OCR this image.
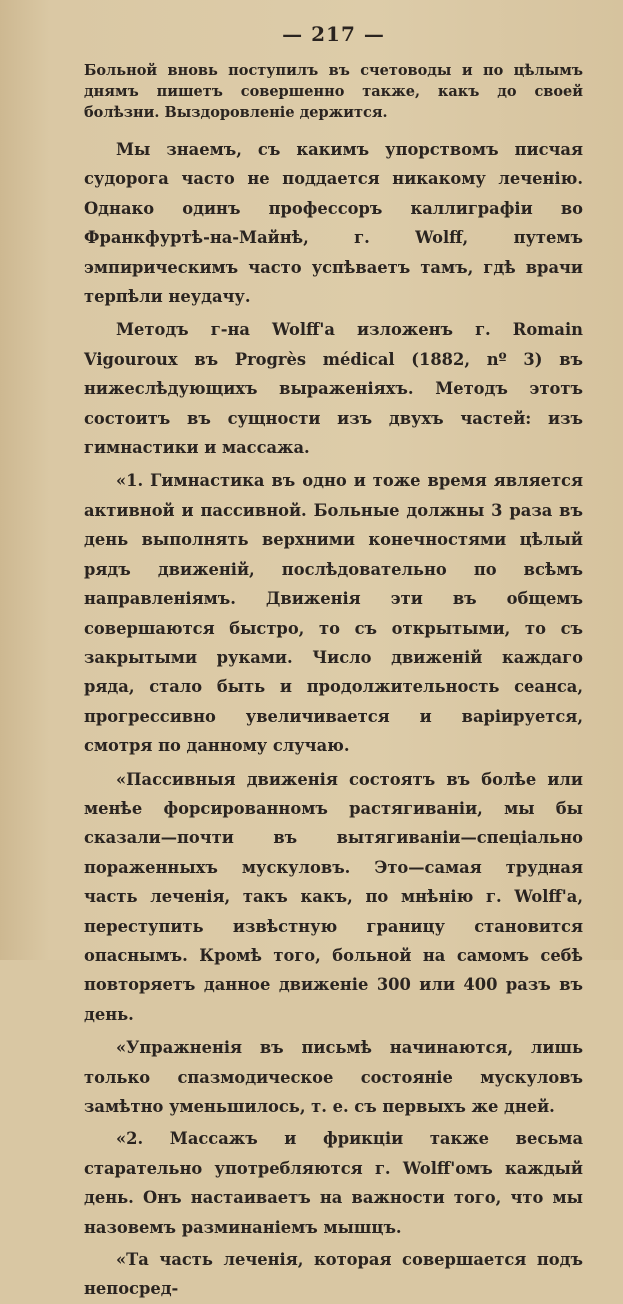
— 217 —

Больной вновь поступилъ въ счетоводы и по цѣлымъ днямъ пишетъ совершенно также, какъ до своей болѣзни. Выздоровленіе держится.

Мы знаемъ, съ какимъ упорствомъ писчая судорога часто не поддается никакому леченію. Однако одинъ профессоръ каллиграфіи во Франкфуртѣ-на-Майнѣ, г. Wolff, путемъ эмпирическимъ часто успѣваетъ тамъ, гдѣ врачи терпѣли неудачу.

Методъ г-на Wolff'а изложенъ г. Romain Vigouroux въ Progrès médical (1882, nº 3) въ нижеслѣдующихъ выраженіяхъ. Методъ этотъ состоитъ въ сущности изъ двухъ частей: изъ гимнастики и массажа.

«1. Гимнастика въ одно и тоже время является активной и пассивной. Больные должны 3 раза въ день выполнять верхними конечностями цѣлый рядъ движеній, послѣдовательно по всѣмъ направленіямъ. Движенія эти въ общемъ совершаются быстро, то съ открытыми, то съ закрытыми руками. Число движеній каждаго ряда, стало быть и продолжительность сеанса, прогрессивно увеличивается и варіируется, смотря по данному случаю.

«Пассивныя движенія состоятъ въ болѣе или менѣе форсированномъ растягиваніи, мы бы сказали—почти въ вытягиваніи—спеціально пораженныхъ мускуловъ. Это—самая трудная часть леченія, такъ какъ, по мнѣнію г. Wolff'а, переступить извѣстную границу становится опаснымъ. Кромѣ того, больной на самомъ себѣ повторяетъ данное движеніе 300 или 400 разъ въ день.

«Упражненія въ письмѣ начинаются, лишь только спазмодическое состояніе мускуловъ замѣтно уменьшилось, т. е. съ первыхъ же дней.

«2. Массажъ и фрикціи также весьма старательно употребляются г. Wolff'омъ каждый день. Онъ настаиваетъ на важности того, что мы назовемъ разминаніемъ мышцъ.

«Та часть леченія, которая совершается подъ непосред-
